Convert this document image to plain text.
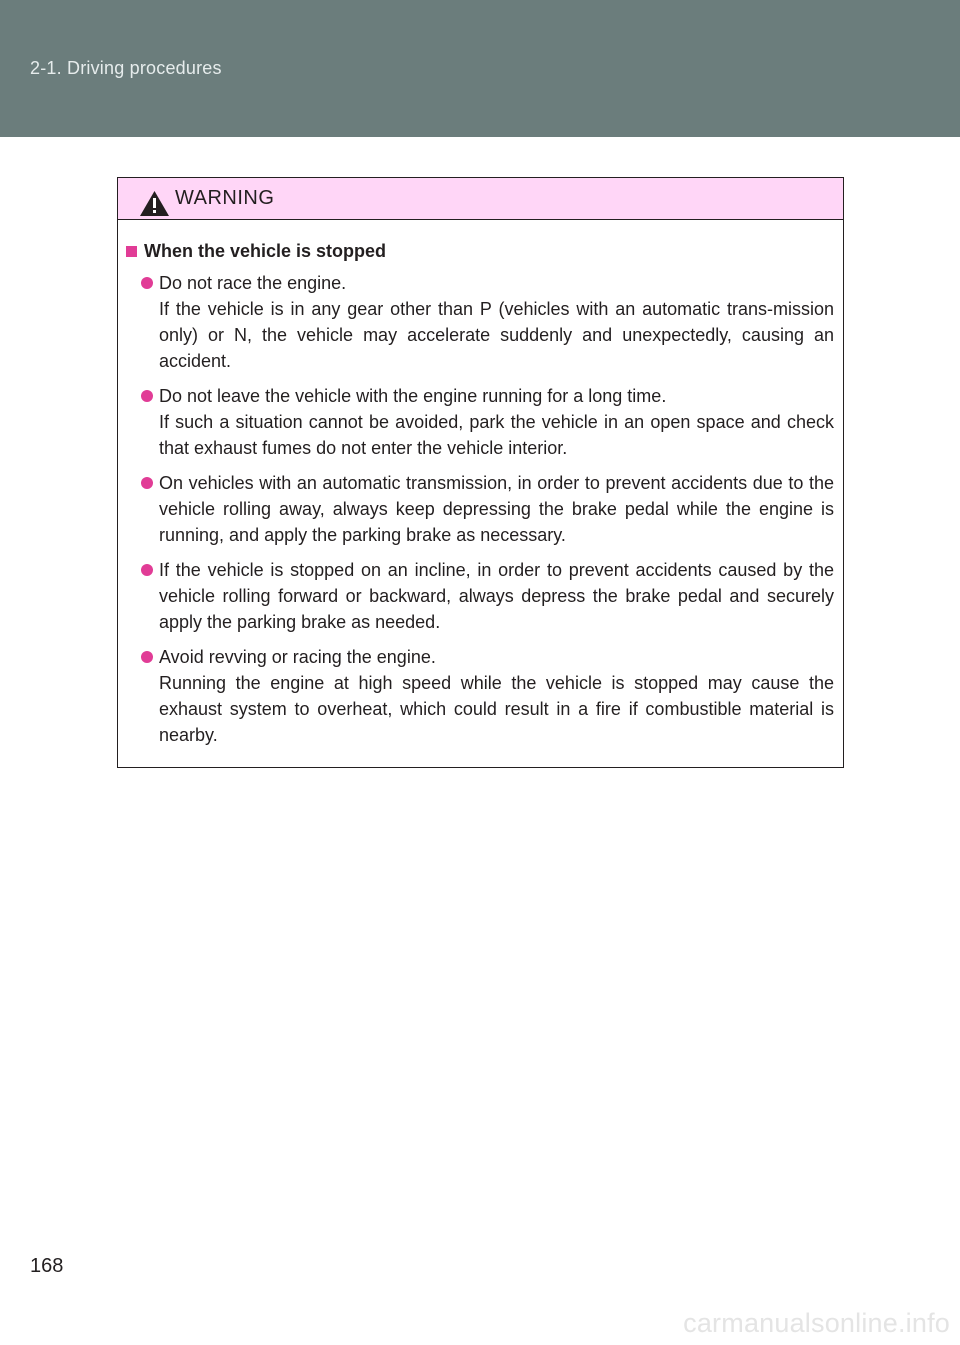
2-1. Driving procedures
WARNING
When the vehicle is stopped

Do not race the engine.

If the vehicle is in any gear other than P (vehicles with an automatic trans-mission only) or N, the vehicle may accelerate suddenly and unexpectedly, causing an accident.

Do not leave the vehicle with the engine running for a long time.

If such a situation cannot be avoided, park the vehicle in an open space and check that exhaust fumes do not enter the vehicle interior.

On vehicles with an automatic transmission, in order to prevent accidents due to the vehicle rolling away, always keep depressing the brake pedal while the engine is running, and apply the parking brake as necessary.

If the vehicle is stopped on an incline, in order to prevent accidents caused by the vehicle rolling forward or backward, always depress the brake pedal and securely apply the parking brake as needed.

Avoid revving or racing the engine.

Running the engine at high speed while the vehicle is stopped may cause the exhaust system to overheat, which could result in a fire if combustible material is nearby.

168
carmanualsonline.info
